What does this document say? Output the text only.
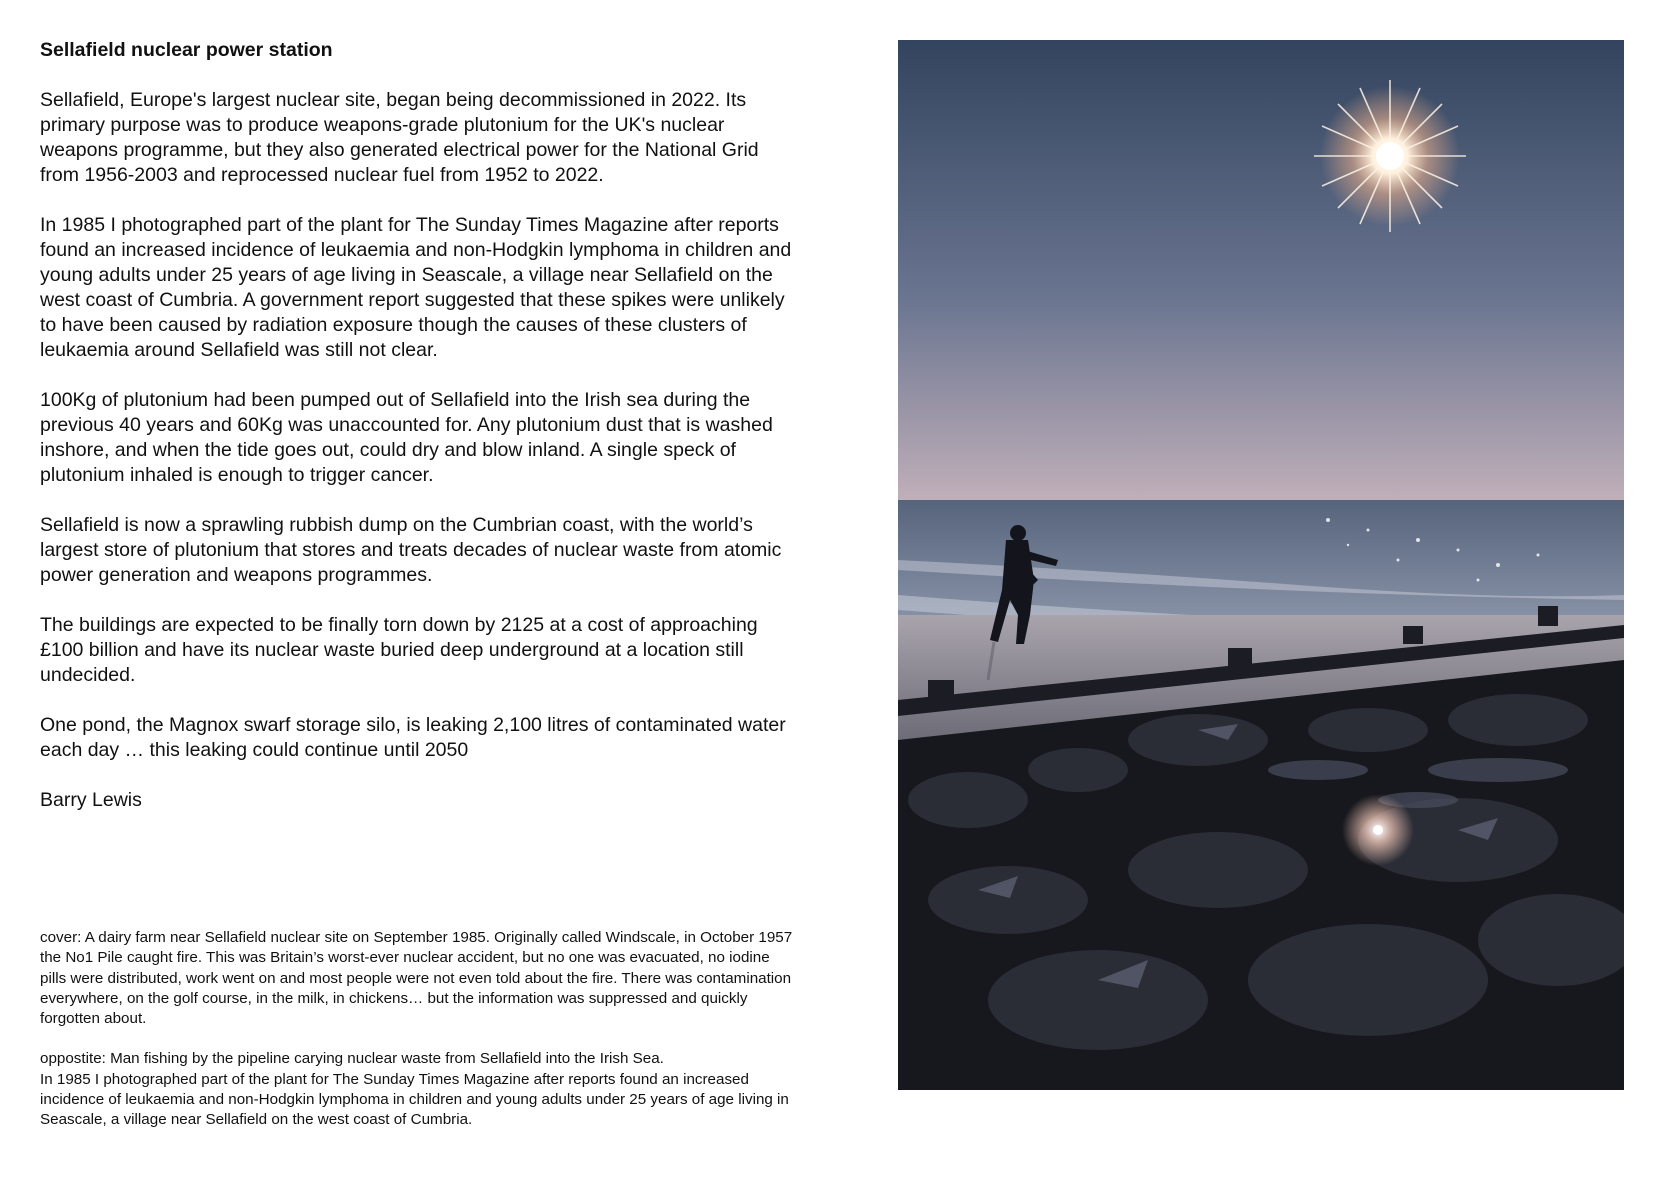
Sellafield nuclear power station

Sellafield, Europe's largest nuclear site, began being decommissioned in 2022. Its primary purpose was to produce weapons-grade plutonium for the UK's nuclear weapons programme, but they also generated electrical power for the National Grid from 1956-2003 and reprocessed nuclear fuel from 1952 to 2022.

In 1985 I photographed part of the plant for The Sunday Times Magazine after reports found an increased incidence of leukaemia and non-Hodgkin lymphoma in children and young adults under 25 years of age living in Seascale, a village near Sellafield on the west coast of Cumbria. A government report suggested that these spikes were unlikely to have been caused by radiation exposure though the causes of these clusters of leukaemia around Sellafield was still not clear.

100Kg of plutonium had been pumped out of Sellafield into the Irish sea during the previous 40 years and 60Kg was unaccounted for. Any plutonium dust that is washed inshore, and when the tide goes out, could dry and blow inland. A single speck of plutonium inhaled is enough to trigger cancer.

Sellafield is now a sprawling rubbish dump on the Cumbrian coast, with the world’s largest store of plutonium that stores and treats decades of nuclear waste from atomic power generation and weapons programmes.

The buildings are expected to be finally torn down by 2125 at a cost of approaching £100 billion and have its nuclear waste buried deep underground at a location still undecided.

One pond, the Magnox swarf storage silo, is leaking 2,100 litres of contaminated water each day … this leaking could continue until 2050

Barry Lewis

cover: A dairy farm near Sellafield nuclear site on September 1985. Originally called Windscale, in October 1957 the No1 Pile caught fire. This was Britain’s worst-ever nuclear accident, but no one was evacuated, no iodine pills were distributed, work went on and most people were not even told about the fire. There was contamination everywhere, on the golf course, in the milk, in chickens… but the information was suppressed and quickly forgotten about.

oppostite: Man fishing by the pipeline carying nuclear waste from Sellafield into the Irish Sea.
In 1985 I photographed part of the plant for The Sunday Times Magazine after reports found an increased incidence of leukaemia and non-Hodgkin lymphoma in children and young adults under 25 years of age living in Seascale, a village near Sellafield on the west coast of Cumbria.
